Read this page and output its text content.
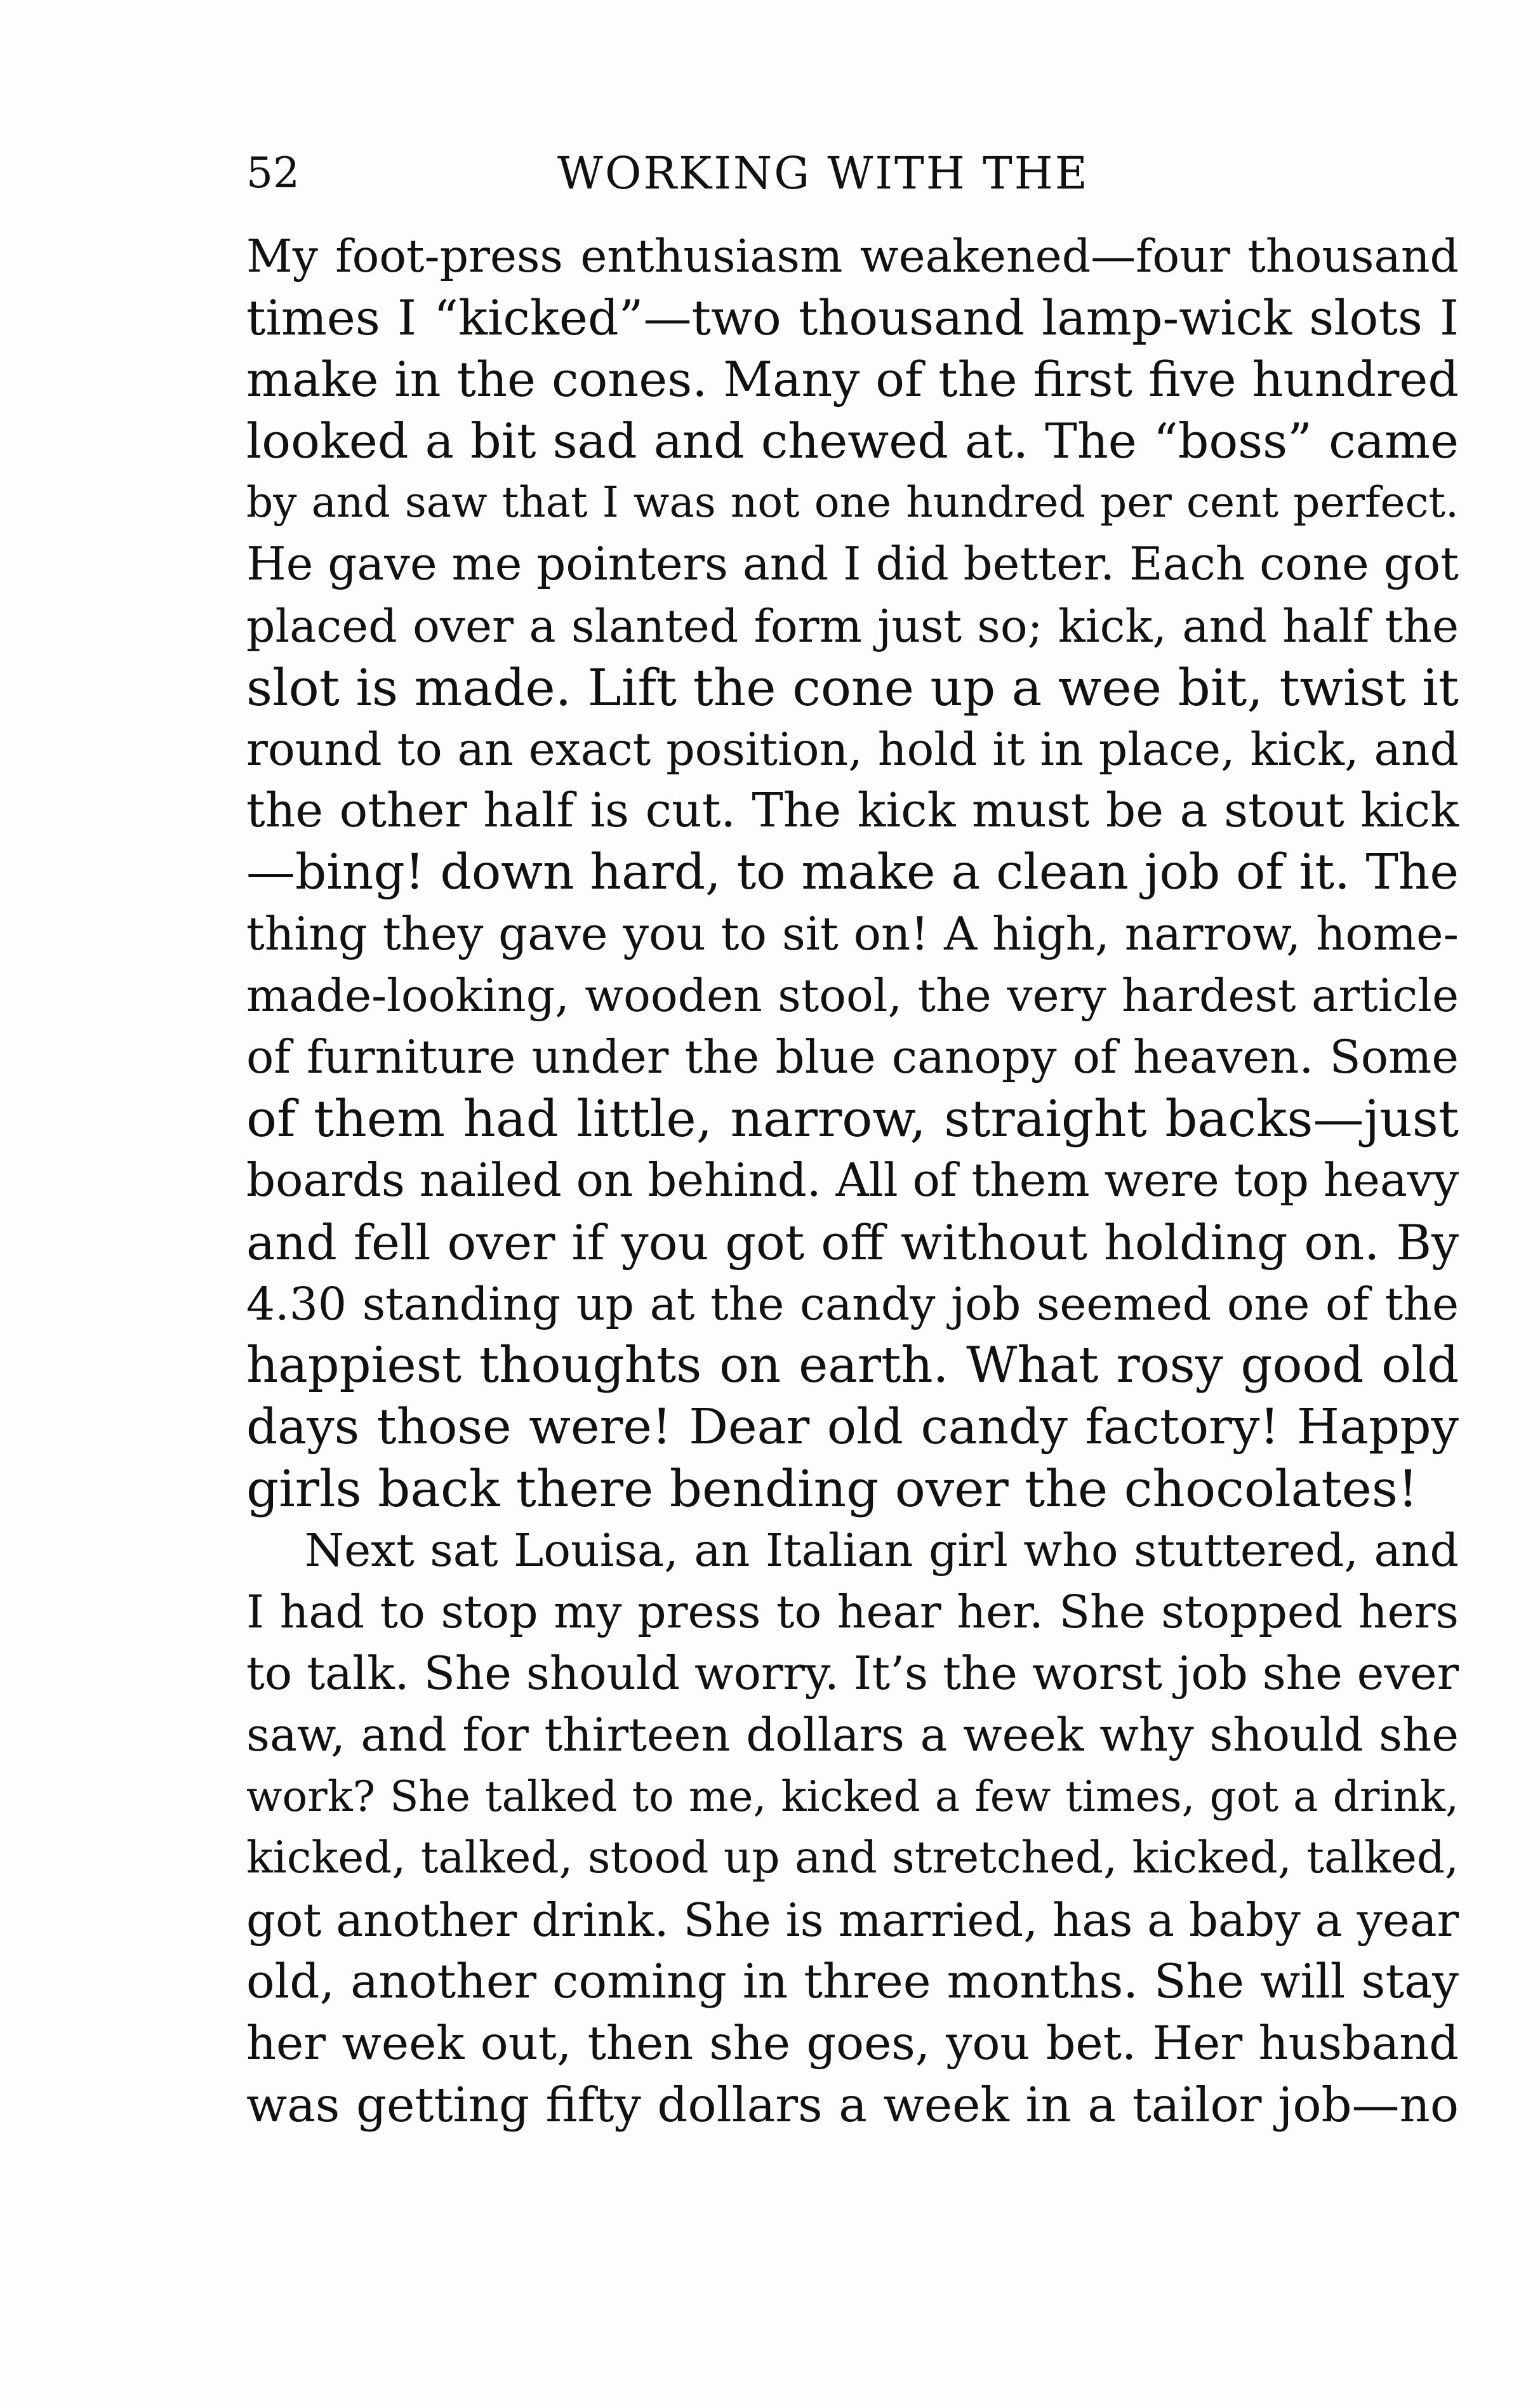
52	WORKING WITH THE
My foot-press enthusiasm weakened—four thousand
times I “kicked”—two thousand lamp-wick slots I
make in the cones. Many of the first five hundred
looked a bit sad and chewed at. The “boss” came
by and saw that I was not one hundred per cent perfect.
He gave me pointers and I did better. Each cone got
placed over a slanted form just so; kick, and half the
slot is made. Lift the cone up a wee bit, twist it
round to an exact position, hold it in place, kick, and
the other half is cut. The kick must be a stout kick
—bing! down hard, to make a clean job of it. The
thing they gave you to sit on! A high, narrow, home-
made-looking, wooden stool, the very hardest article
of furniture under the blue canopy of heaven. Some
of them had little, narrow, straight backs—just
boards nailed on behind. All of them were top heavy
and fell over if you got off without holding on. By
4.30 standing up at the candy job seemed one of the
happiest thoughts on earth. What rosy good old
days those were! Dear old candy factory! Happy
girls back there bending over the chocolates!
Next sat Louisa, an Italian girl who stuttered, and
I had to stop my press to hear her. She stopped hers
to talk. She should worry. It’s the worst job she ever
saw, and for thirteen dollars a week why should she
work? She talked to me, kicked a few times, got a drink,
kicked, talked, stood up and stretched, kicked, talked,
got another drink. She is married, has a baby a year
old, another coming in three months. She will stay
her week out, then she goes, you bet. Her husband
was getting fifty dollars a week in a tailor job—no
